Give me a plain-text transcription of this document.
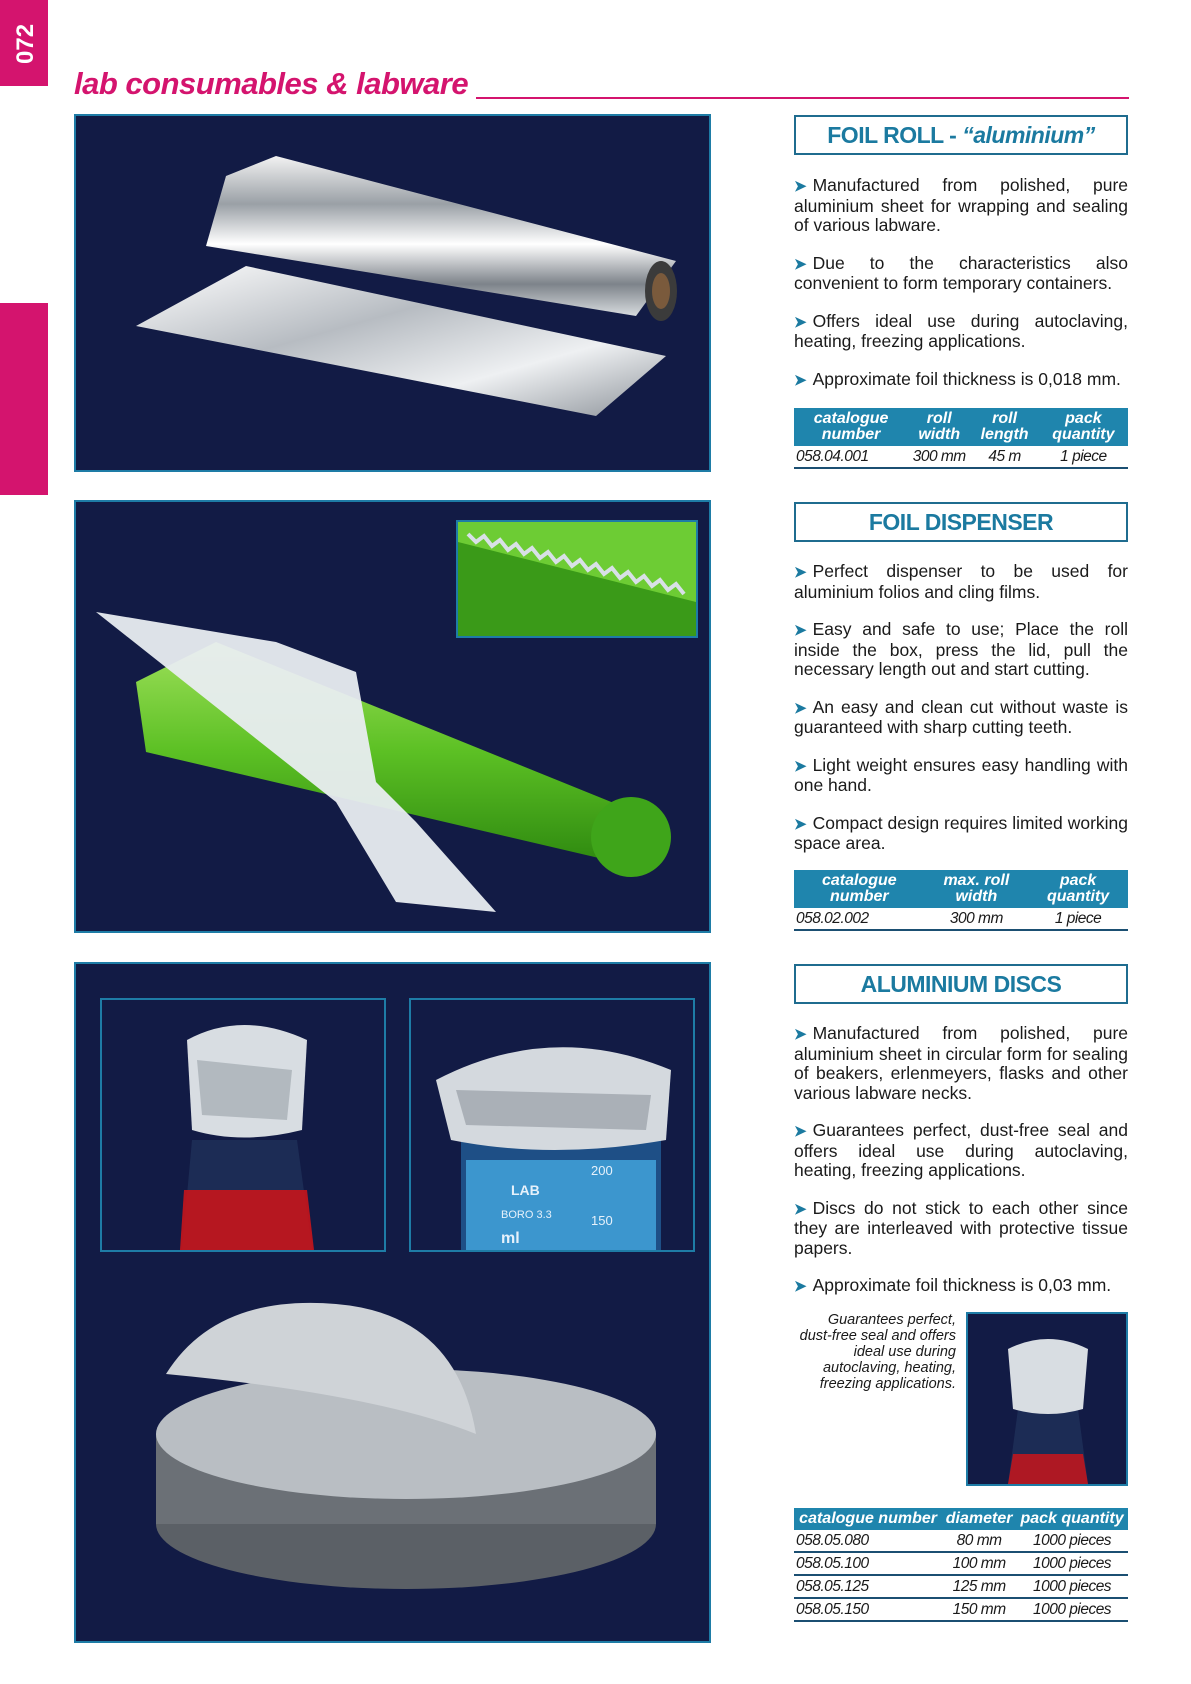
072
lab consumables & labware
LAB
BORO 3.3
ml
200
150
FOIL ROLL - “aluminium”
➤ Manufactured from polished, pure aluminium sheet for wrapping and sealing of various labware.
➤ Due to the characteristics also convenient to form temporary containers.
➤ Offers ideal use during autoclaving, heating, freezing applications.
➤ Approximate foil thickness is 0,018 mm.
catalogue number	roll width	roll length	pack quantity
058.04.001	300 mm	45 m	1 piece
FOIL DISPENSER
➤ Perfect dispenser to be used for aluminium folios and cling films.
➤ Easy and safe to use; Place the roll inside the box, press the lid, pull the necessary length out and start cutting.
➤ An easy and clean cut without waste is guaranteed with sharp cutting teeth.
➤ Light weight ensures easy handling with one hand.
➤ Compact design requires limited working space area.
catalogue number	max. roll width	pack quantity
058.02.002	300 mm	1 piece
ALUMINIUM DISCS
➤ Manufactured from polished, pure aluminium sheet in circular form for sealing of beakers, erlenmeyers, flasks and other various labware necks.
➤ Guarantees perfect, dust-free seal and offers ideal use during autoclaving, heating, freezing applications.
➤ Discs do not stick to each other since they are interleaved with protective tissue papers.
➤ Approximate foil thickness is 0,03 mm.
Guarantees perfect, dust-free seal and offers ideal use during autoclaving, heating, freezing applications.
catalogue number	diameter	pack quantity
058.05.080	80 mm	1000 pieces
058.05.100	100 mm	1000 pieces
058.05.125	125 mm	1000 pieces
058.05.150	150 mm	1000 pieces
